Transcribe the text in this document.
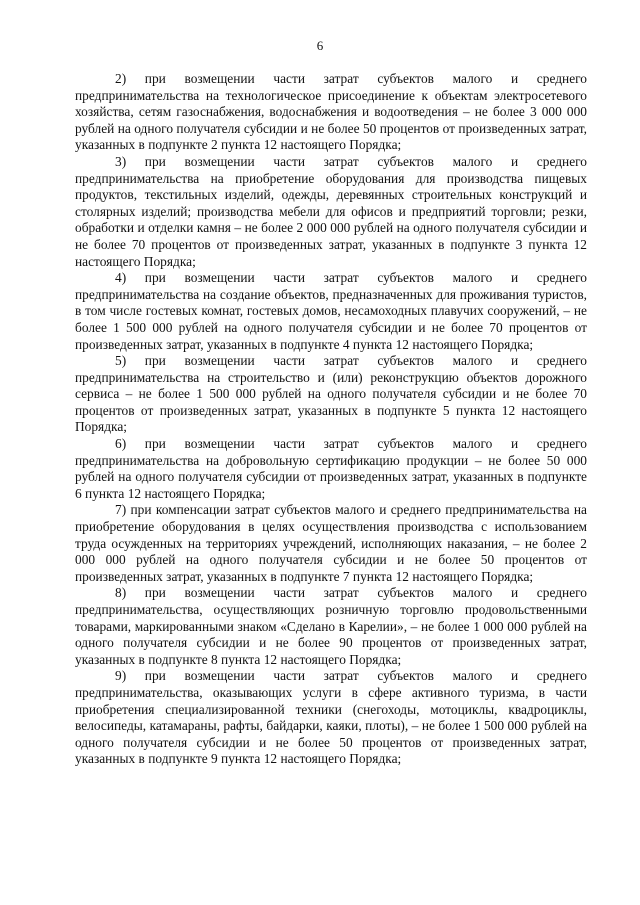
6

2) при возмещении части затрат субъектов малого и среднего предпринимательства на технологическое присоединение к объектам электросетевого хозяйства, сетям газоснабжения, водоснабжения и водоотведения – не более 3 000 000 рублей на одного получателя субсидии и не более 50 процентов от произведенных затрат, указанных в подпункте 2 пункта 12 настоящего Порядка;

3) при возмещении части затрат субъектов малого и среднего предпринимательства на приобретение оборудования для производства пищевых продуктов, текстильных изделий, одежды, деревянных строительных конструкций и столярных изделий; производства мебели для офисов и предприятий торговли; резки, обработки и отделки камня – не более 2 000 000 рублей на одного получателя субсидии и не более 70 процентов от произведенных затрат, указанных в подпункте 3 пункта 12 настоящего Порядка;

4) при возмещении части затрат субъектов малого и среднего предпринимательства на создание объектов, предназначенных для проживания туристов, в том числе гостевых комнат, гостевых домов, несамоходных плавучих сооружений, – не более 1 500 000 рублей на одного получателя субсидии и не более 70 процентов от произведенных затрат, указанных в подпункте 4 пункта 12 настоящего Порядка;

5) при возмещении части затрат субъектов малого и среднего предпринимательства на строительство и (или) реконструкцию объектов дорожного сервиса – не более 1 500 000 рублей на одного получателя субсидии и не более 70 процентов от произведенных затрат, указанных в подпункте 5 пункта 12 настоящего Порядка;

6) при возмещении части затрат субъектов малого и среднего предпринимательства на добровольную сертификацию продукции – не более 50 000 рублей на одного получателя субсидии от произведенных затрат, указанных в подпункте 6 пункта 12 настоящего Порядка;

7) при компенсации затрат субъектов малого и среднего предпринимательства на приобретение оборудования в целях осуществления производства с использованием труда осужденных на территориях учреждений, исполняющих наказания, – не более 2 000 000 рублей на одного получателя субсидии и не более 50 процентов от произведенных затрат, указанных в подпункте 7 пункта 12 настоящего Порядка;

8) при возмещении части затрат субъектов малого и среднего предпринимательства, осуществляющих розничную торговлю продовольственными товарами, маркированными знаком «Сделано в Карелии», – не более 1 000 000 рублей на одного получателя субсидии и не более 90 процентов от произведенных затрат, указанных в подпункте 8 пункта 12 настоящего Порядка;

9) при возмещении части затрат субъектов малого и среднего предпринимательства, оказывающих услуги в сфере активного туризма, в части приобретения специализированной техники (снегоходы, мотоциклы, квадроциклы, велосипеды, катамараны, рафты, байдарки, каяки, плоты), – не более 1 500 000 рублей на одного получателя субсидии и не более 50 процентов от произведенных затрат, указанных в подпункте 9 пункта 12 настоящего Порядка;
